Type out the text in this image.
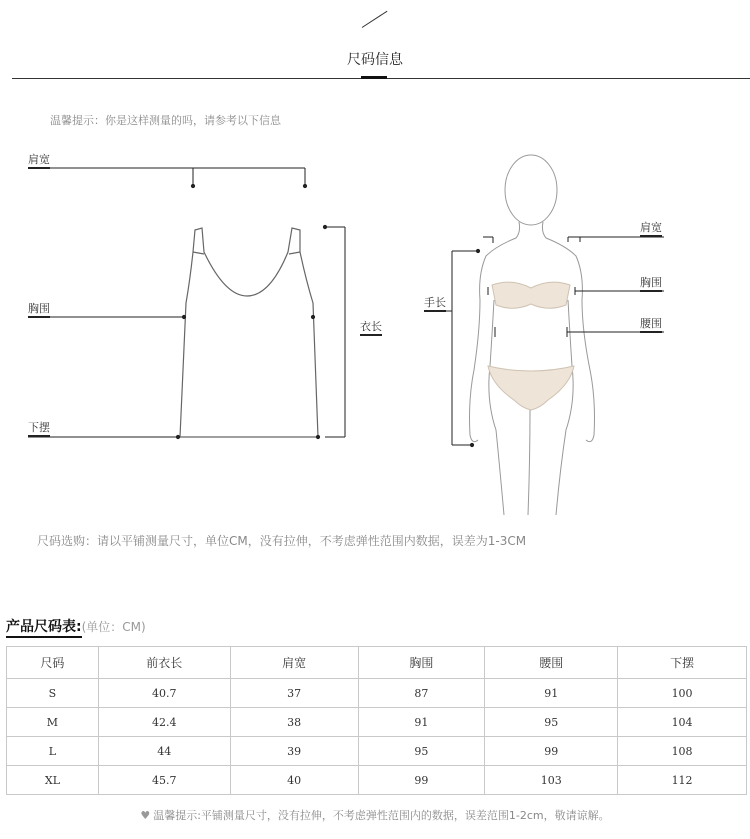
尺码信息
温馨提示：你是这样测量的吗，请参考以下信息
肩宽
胸围
下摆
衣长
肩宽
胸围
腰围
手长
尺码选购：请以平铺测量尺寸，单位CM，没有拉伸，不考虑弹性范围内数据，误差为1-3CM
产品尺码表:(单位：CM)
尺码	前衣长	肩宽	胸围	腰围	下摆
S	40.7	37	87	91	100
M	42.4	38	91	95	104
L	44	39	95	99	108
XL	45.7	40	99	103	112
♥ 温馨提示:平铺测量尺寸，没有拉伸，不考虑弹性范围内的数据，误差范围1-2cm，敬请谅解。
